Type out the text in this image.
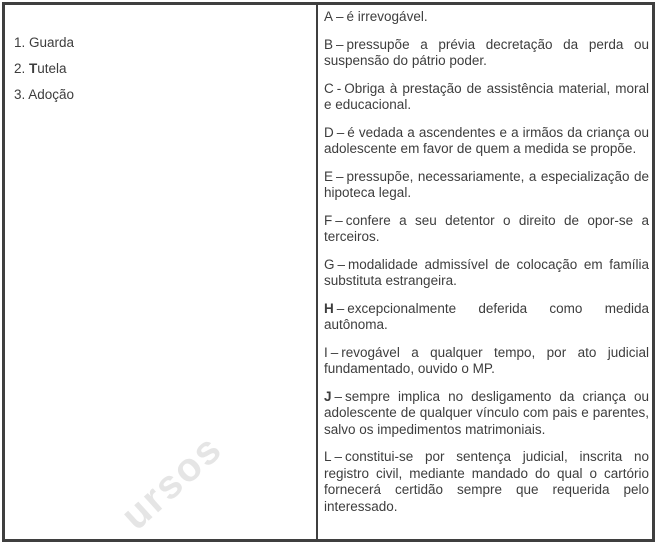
ursos
1. Guarda
2. Tutela
3. Adoção

A – é irrevogável.

B – pressupõe a prévia decretação da perda ou suspensão do pátrio poder.

C - Obriga à prestação de assistência material, moral e educacional.

D – é vedada a ascendentes e a irmãos da criança ou adolescente em favor de quem a medida se propõe.

E – pressupõe, necessariamente, a especialização de hipoteca legal.

F – confere a seu detentor o direito de opor-se a terceiros.

G – modalidade admissível de colocação em família substituta estrangeira.

H – excepcionalmente deferida como medida autônoma.

I – revogável a qualquer tempo, por ato judicial fundamentado, ouvido o MP.

J – sempre implica no desligamento da criança ou adolescente de qualquer vínculo com pais e parentes, salvo os impedimentos matrimoniais.

L – constitui-se por sentença judicial, inscrita no registro civil, mediante mandado do qual o cartório fornecerá certidão sempre que requerida pelo interessado.
